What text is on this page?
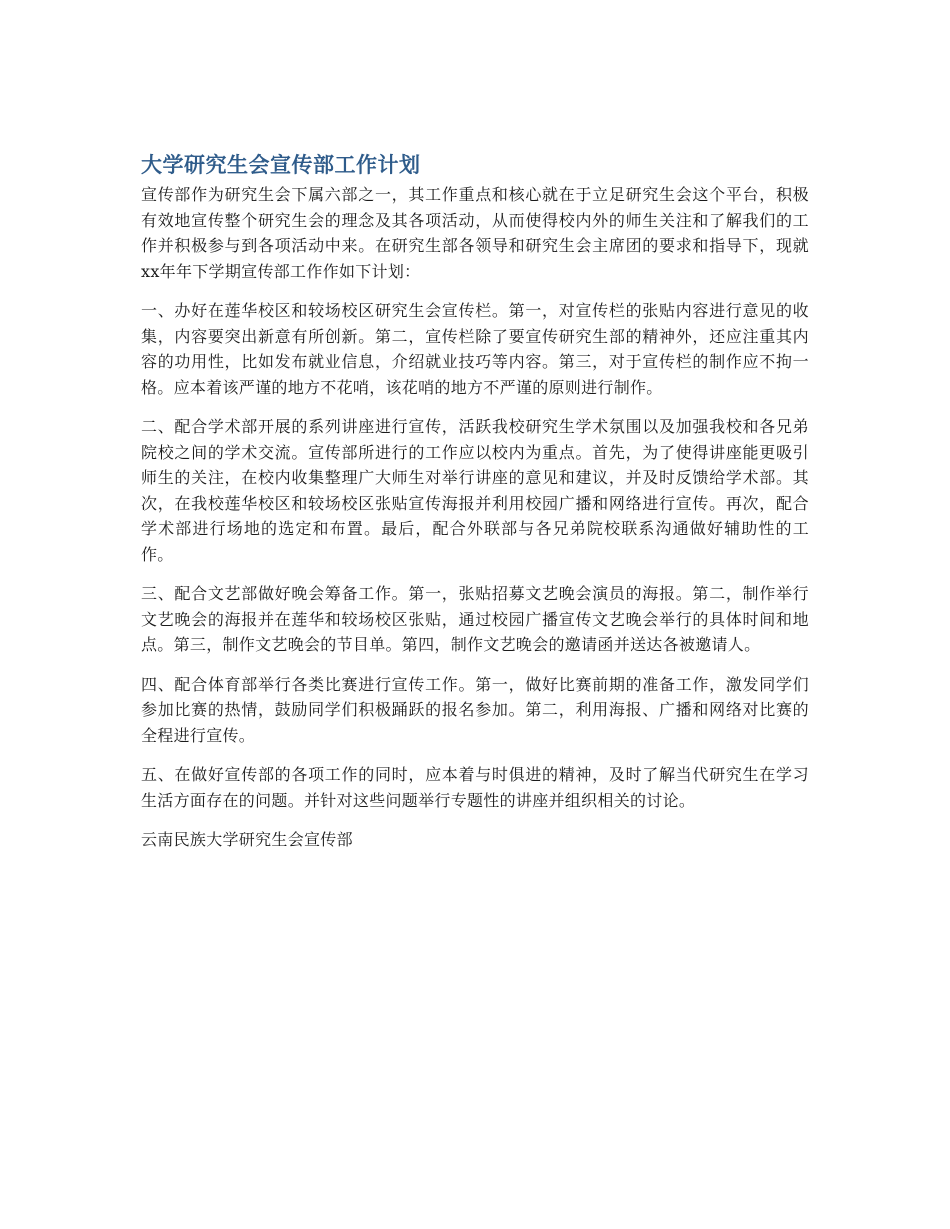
大学研究生会宣传部工作计划

宣传部作为研究生会下属六部之一，其工作重点和核心就在于立足研究生会这个平台，积极有效地宣传整个研究生会的理念及其各项活动，从而使得校内外的师生关注和了解我们的工作并积极参与到各项活动中来。在研究生部各领导和研究生会主席团的要求和指导下，现就xx年年下学期宣传部工作作如下计划：

一、办好在莲华校区和较场校区研究生会宣传栏。第一，对宣传栏的张贴内容进行意见的收集，内容要突出新意有所创新。第二，宣传栏除了要宣传研究生部的精神外，还应注重其内容的功用性，比如发布就业信息，介绍就业技巧等内容。第三，对于宣传栏的制作应不拘一格。应本着该严谨的地方不花哨，该花哨的地方不严谨的原则进行制作。

二、配合学术部开展的系列讲座进行宣传，活跃我校研究生学术氛围以及加强我校和各兄弟院校之间的学术交流。宣传部所进行的工作应以校内为重点。首先，为了使得讲座能更吸引师生的关注，在校内收集整理广大师生对举行讲座的意见和建议，并及时反馈给学术部。其次，在我校莲华校区和较场校区张贴宣传海报并利用校园广播和网络进行宣传。再次，配合学术部进行场地的选定和布置。最后，配合外联部与各兄弟院校联系沟通做好辅助性的工作。

三、配合文艺部做好晚会筹备工作。第一，张贴招募文艺晚会演员的海报。第二，制作举行文艺晚会的海报并在莲华和较场校区张贴，通过校园广播宣传文艺晚会举行的具体时间和地点。第三，制作文艺晚会的节目单。第四，制作文艺晚会的邀请函并送达各被邀请人。

四、配合体育部举行各类比赛进行宣传工作。第一，做好比赛前期的准备工作，激发同学们参加比赛的热情，鼓励同学们积极踊跃的报名参加。第二，利用海报、广播和网络对比赛的全程进行宣传。

五、在做好宣传部的各项工作的同时，应本着与时俱进的精神，及时了解当代研究生在学习生活方面存在的问题。并针对这些问题举行专题性的讲座并组织相关的讨论。

云南民族大学研究生会宣传部
